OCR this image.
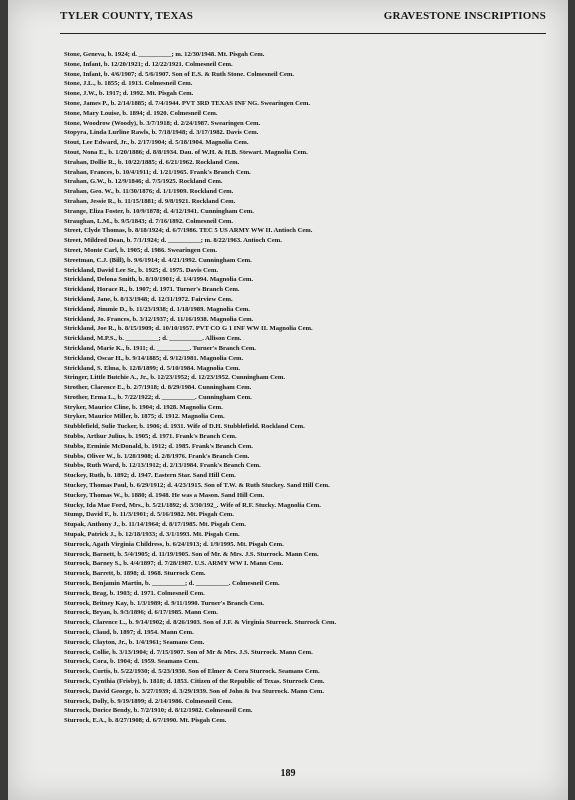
TYLER COUNTY, TEXAS	GRAVESTONE INSCRIPTIONS
Stone, Geneva, b. 1924; d. __________; m. 12/30/1948. Mt. Pisgah Cem.
Stone, Infant, b. 12/20/1921; d. 12/22/1921. Colmesneil Cem.
Stone, Infant, b. 4/6/1907; d. 5/6/1907. Son of E.S. & Ruth Stone. Colmesneil Cem.
Stone, J.L., b. 1855; d. 1913. Colmesneil Cem.
Stone, J.W., b. 1917; d. 1992. Mt. Pisgah Cem.
Stone, James P., b. 2/14/1885; d. 7/4/1944. PVT 3RD TEXAS INF NG. Swearingen Cem.
Stone, Mary Louise, b. 1894; d. 1920. Colmesneil Cem.
Stone, Woodrow (Woody), b. 3/7/1918; d. 2/24/1987. Swearingen Cem.
Stopyra, Linda Lurline Rawls, b. 7/18/1948; d. 3/17/1982. Davis Cem.
Stout, Lee Edward, Jr., b. 2/17/1904; d. 5/18/1904. Magnolia Cem.
Stout, Nona E., b. 1/20/1886; d. 8/8/1934. Dau. of W.H. & H.B. Stewart. Magnolia Cem.
Strahan, Dollie R., b. 10/22/1885; d. 6/21/1962. Rockland Cem.
Strahan, Frances, b. 10/4/1911; d. 1/21/1965. Frank's Branch Cem.
Strahan, G.W., b. 12/9/1846; d. 7/5/1925. Rockland Cem.
Strahan, Geo. W., b. 11/30/1876; d. 1/1/1909. Rockland Cem.
Strahan, Jessie R., b. 11/15/1881; d. 9/8/1921. Rockland Cem.
Strange, Eliza Foster, b. 10/9/1878; d. 4/12/1941. Cunningham Cem.
Straughan, L.M., b. 9/5/1843; d. 7/16/1892. Colmesneil Cem.
Street, Clyde Thomas, b. 8/18/1924; d. 6/7/1986. TEC 5 US ARMY WW II. Antioch Cem.
Street, Mildred Dean, b. 7/1/1924; d. __________; m. 8/22/1963. Antioch Cem.
Street, Monte Carl, b. 1905; d. 1986. Swearingen Cem.
Streetman, C.J. (Bill), b. 9/6/1914; d. 4/21/1992. Cunningham Cem.
Strickland, David Lee Sr., b. 1925; d. 1975. Davis Cem.
Strickland, Delona Smith, b. 8/10/1901; d. 1/4/1994. Magnolia Cem.
Strickland, Horace R., b. 1907; d. 1971. Turner's Branch Cem.
Strickland, Jane, b. 8/13/1948; d. 12/31/1972. Fairview Cem.
Strickland, Jimmie D., b. 11/23/1938; d. 1/18/1989. Magnolia Cem.
Strickland, Jo. Frances, b. 3/12/1937; d. 11/16/1938. Magnolia Cem.
Strickland, Joe R., b. 8/15/1909; d. 10/10/1957. PVT CO G 1 INF WW II. Magnolia Cem.
Strickland, M.P.S., b. __________; d. __________. Allison Cem.
Strickland, Marie K., b. 1911; d. __________. Turner's Branch Cem.
Strickland, Oscar H., b. 9/14/1885; d. 9/12/1981. Magnolia Cem.
Strickland, S. Elma, b. 12/8/1899; d. 5/10/1984. Magnolia Cem.
Stringer, Little Butchie A., Jr., b. 12/23/1952; d. 12/23/1952. Cunningham Cem.
Strother, Clarence E., b. 2/7/1918; d. 8/29/1984. Cunningham Cem.
Strother, Erma L., b. 7/22/1922; d. __________. Cunningham Cem.
Stryker, Maurice Cline, b. 1904; d. 1928. Magnolia Cem.
Stryker, Maurice Miller, b. 1875; d. 1912. Magnolia Cem.
Stubblefield, Sulie Tucker, b. 1906; d. 1931. Wife of D.H. Stubblefield. Rockland Cem.
Stubbs, Arthur Julius, b. 1905; d. 1971. Frank's Branch Cem.
Stubbs, Erminie McDonald, b. 1912; d. 1985. Frank's Branch Cem.
Stubbs, Oliver W., b. 1/28/1908; d. 2/8/1976. Frank's Branch Cem.
Stubbs, Ruth Ward, b. 12/13/1912; d. 2/13/1984. Frank's Branch Cem.
Stuckey, Ruth, b. 1892; d. 1947. Eastern Star. Sand Hill Cem.
Stuckey, Thomas Paul, b. 6/29/1912; d. 4/23/1915. Son of T.W. & Ruth Stuckey. Sand Hill Cem.
Stuckey, Thomas W., b. 1880; d. 1948. He was a Mason. Sand Hill Cem.
Stucky, Ida Mae Ford, Mrs., b. 5/21/1892; d. 3/30/192_. Wife of R.F. Stucky. Magnolia Cem.
Stump, David F., b. 11/3/1901; d. 5/16/1982. Mt. Pisgah Cem.
Stupak, Anthony J., b. 11/14/1964; d. 8/17/1985. Mt. Pisgah Cem.
Stupak, Patrick J., b. 12/18/1933; d. 3/1/1993. Mt. Pisgah Cem.
Sturrock, Agath Virginia Childress, b. 6/24/1913; d. 1/9/1995. Mt. Pisgah Cem.
Sturrock, Barnett, b. 5/4/1905; d. 11/19/1905. Son of Mr. & Mrs. J.S. Sturrock. Mann Cem.
Sturrock, Barney S., b. 4/4/1897; d. 7/28/1987. U.S. ARMY WW I. Mann Cem.
Sturrock, Barrett, b. 1898; d. 1968. Sturrock Cem.
Sturrock, Benjamin Martin, b. __________; d. __________. Colmesneil Cem.
Sturrock, Brag, b. 1903; d. 1971. Colmesneil Cem.
Sturrock, Britney Kay, b. 1/3/1989; d. 9/11/1990. Turner's Branch Cem.
Sturrock, Bryan, b. 9/3/1896; d. 6/17/1985. Mann Cem.
Sturrock, Clarence L., b. 9/14/1902; d. 8/26/1903. Son of J.F. & Virginia Sturrock. Sturrock Cem.
Sturrock, Claud, b. 1897; d. 1954. Mann Cem.
Sturrock, Clayton, Jr., b. 1/4/1961; Seamans Cem.
Sturrock, Collie, b. 3/13/1904; d. 7/15/1907. Son of Mr & Mrs. J.S. Sturrock. Mann Cem.
Sturrock, Cora, b. 1904; d. 1959. Seamans Cem.
Sturrock, Curtis, b. 5/22/1930; d. 5/23/1930. Son of Elmer & Cora Sturrock. Seamans Cem.
Sturrock, Cynthia (Frisby), b. 1818; d. 1853. Citizen of the Republic of Texas. Sturrock Cem.
Sturrock, David George, b. 3/27/1939; d. 3/29/1939. Son of John & Iva Sturrock. Mann Cem.
Sturrock, Dolly, b. 9/19/1899; d. 2/14/1986. Colmesneil Cem.
Sturrock, Dorice Bendy, b. 7/2/1910; d. 8/12/1982. Colmesneil Cem.
Sturrock, E.A., b. 8/27/1908; d. 6/7/1990. Mt. Pisgah Cem.
189
